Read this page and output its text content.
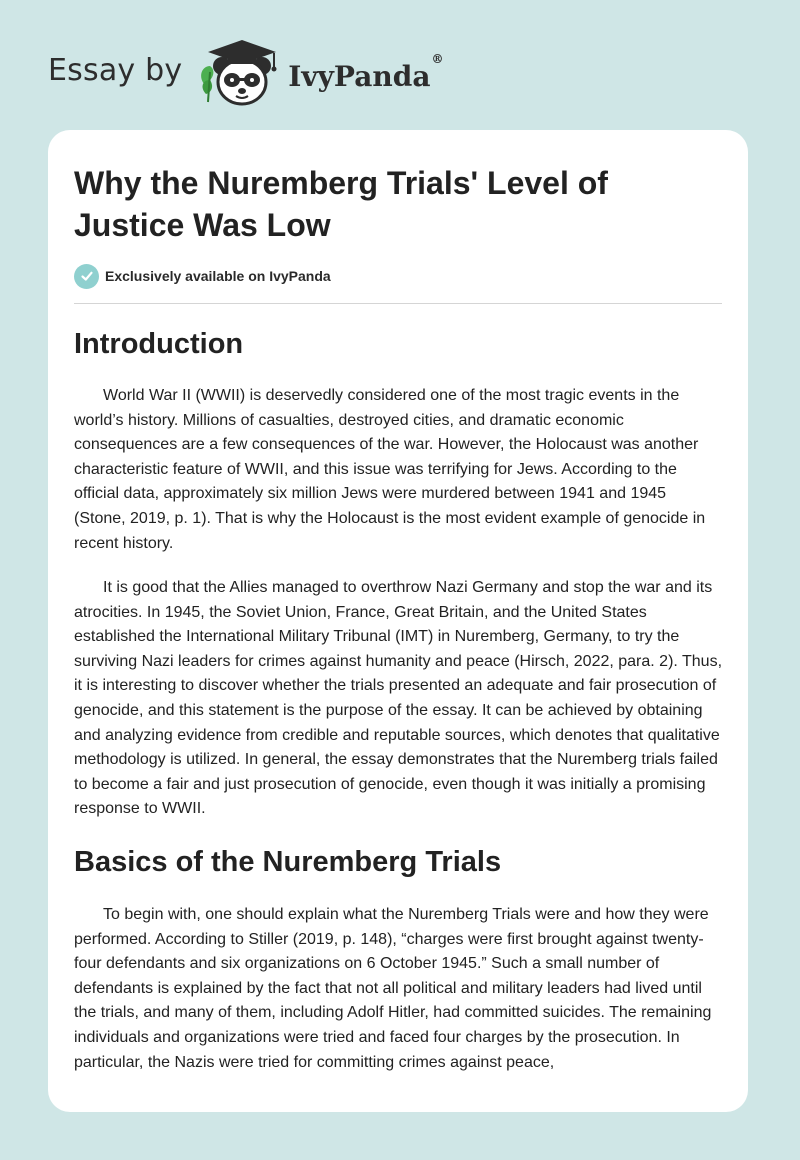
Essay by	IvyPanda®
Why the Nuremberg Trials' Level of Justice Was Low
Exclusively available on IvyPanda
Introduction

World War II (WWII) is deservedly considered one of the most tragic events in the world’s history. Millions of casualties, destroyed cities, and dramatic economic consequences are a few consequences of the war. However, the Holocaust was another characteristic feature of WWII, and this issue was terrifying for Jews. According to the official data, approximately six million Jews were murdered between 1941 and 1945 (Stone, 2019, p. 1). That is why the Holocaust is the most evident example of genocide in recent history.

It is good that the Allies managed to overthrow Nazi Germany and stop the war and its atrocities. In 1945, the Soviet Union, France, Great Britain, and the United States established the International Military Tribunal (IMT) in Nuremberg, Germany, to try the surviving Nazi leaders for crimes against humanity and peace (Hirsch, 2022, para. 2). Thus, it is interesting to discover whether the trials presented an adequate and fair prosecution of genocide, and this statement is the purpose of the essay. It can be achieved by obtaining and analyzing evidence from credible and reputable sources, which denotes that qualitative methodology is utilized. In general, the essay demonstrates that the Nuremberg trials failed to become a fair and just prosecution of genocide, even though it was initially a promising response to WWII.

Basics of the Nuremberg Trials

To begin with, one should explain what the Nuremberg Trials were and how they were performed. According to Stiller (2019, p. 148), “charges were first brought against twenty-four defendants and six organizations on 6 October 1945.” Such a small number of defendants is explained by the fact that not all political and military leaders had lived until the trials, and many of them, including Adolf Hitler, had committed suicides. The remaining individuals and organizations were tried and faced four charges by the prosecution. In particular, the Nazis were tried for committing crimes against peace,
